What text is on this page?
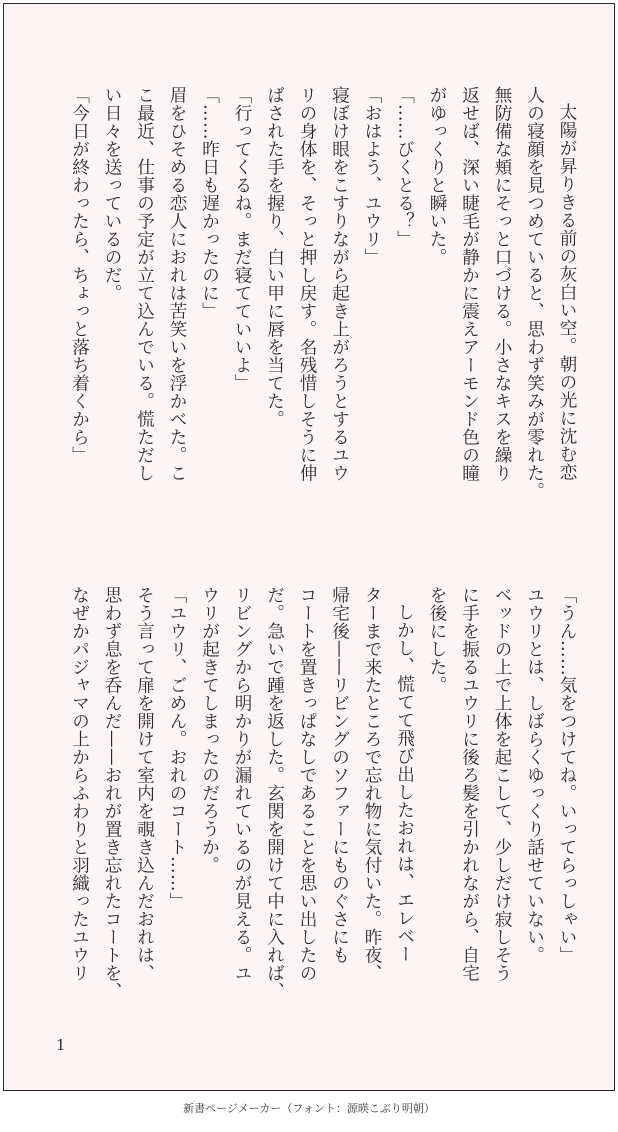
太陽が昇りきる前の灰白い空。朝の光に沈む恋
人の寝顔を見つめていると、思わず笑みが零れた。
無防備な頬にそっと口づける。小さなキスを繰り
返せば、深い睫毛が静かに震えアーモンド色の瞳
がゆっくりと瞬いた。
「……びくとる？」
「おはよう、ユウリ」
寝ぼけ眼をこすりながら起き上がろうとするユウ
リの身体を、そっと押し戻す。名残惜しそうに伸
ばされた手を握り、白い甲に唇を当てた。
「行ってくるね。まだ寝てていいよ」
「……昨日も遅かったのに」
眉をひそめる恋人におれは苦笑いを浮かべた。こ
こ最近、仕事の予定が立て込んでいる。慌ただし
い日々を送っているのだ。
「今日が終わったら、ちょっと落ち着くから」
「うん……気をつけてね。いってらっしゃい」
ユウリとは、しばらくゆっくり話せていない。
ベッドの上で上体を起こして、少しだけ寂しそう
に手を振るユウリに後ろ髪を引かれながら、自宅
を後にした。
しかし、慌てて飛び出したおれは、エレベー
ターまで来たところで忘れ物に気付いた。昨夜、
帰宅後——リビングのソファーにものぐさにも
コートを置きっぱなしであることを思い出したの
だ。急いで踵を返した。玄関を開けて中に入れば、
リビングから明かりが漏れているのが見える。ユ
ウリが起きてしまったのだろうか。
「ユウリ、ごめん。おれのコート……」
そう言って扉を開けて室内を覗き込んだおれは、
思わず息を呑んだ——おれが置き忘れたコートを、
なぜかパジャマの上からふわりと羽織ったユウリ
1
新書ページメーカー（フォント：源暎こぶり明朝）
